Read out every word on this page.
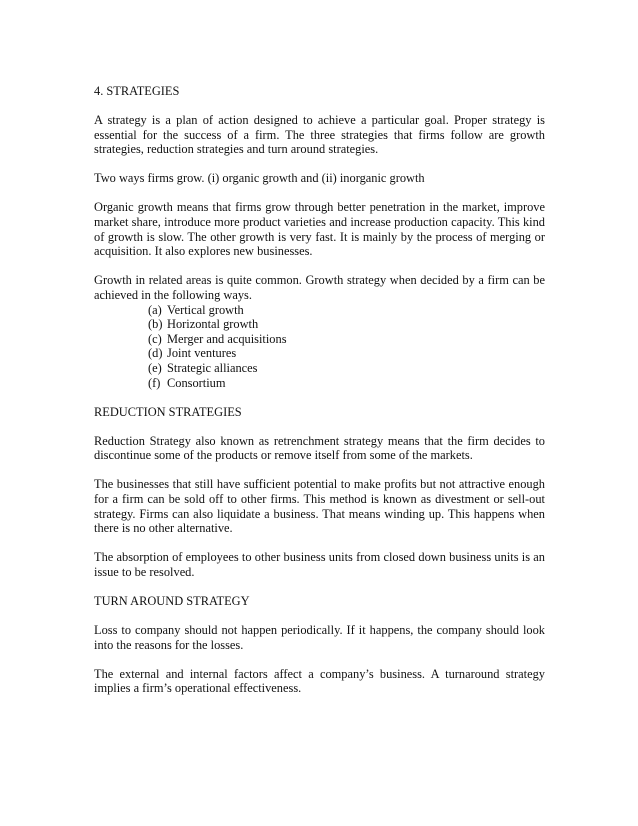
4. STRATEGIES

A strategy is a plan of action designed to achieve a particular goal. Proper strategy is essential for the success of a firm. The three strategies that firms follow are growth strategies, reduction strategies and turn around strategies.

Two ways firms grow. (i) organic growth and (ii) inorganic growth

Organic growth means that firms grow through better penetration in the market, improve market share, introduce more product varieties and increase production capacity. This kind of growth is slow. The other growth is very fast. It is mainly by the process of merging or acquisition. It also explores new businesses.

Growth in related areas is quite common. Growth strategy when decided by a firm can be achieved in the following ways.

(a) Vertical growth
(b) Horizontal growth
(c) Merger and acquisitions
(d) Joint ventures
(e) Strategic alliances
(f) Consortium

REDUCTION STRATEGIES

Reduction Strategy also known as retrenchment strategy means that the firm decides to discontinue some of the products or remove itself from some of the markets.

The businesses that still have sufficient potential to make profits but not attractive enough for a firm can be sold off to other firms. This method is known as divestment or sell-out strategy. Firms can also liquidate a business. That means winding up. This happens when there is no other alternative.

The absorption of employees to other business units from closed down business units is an issue to be resolved.

TURN AROUND STRATEGY

Loss to company should not happen periodically. If it happens, the company should look into the reasons for the losses.

The external and internal factors affect a company’s business. A turnaround strategy implies a firm’s operational effectiveness.
